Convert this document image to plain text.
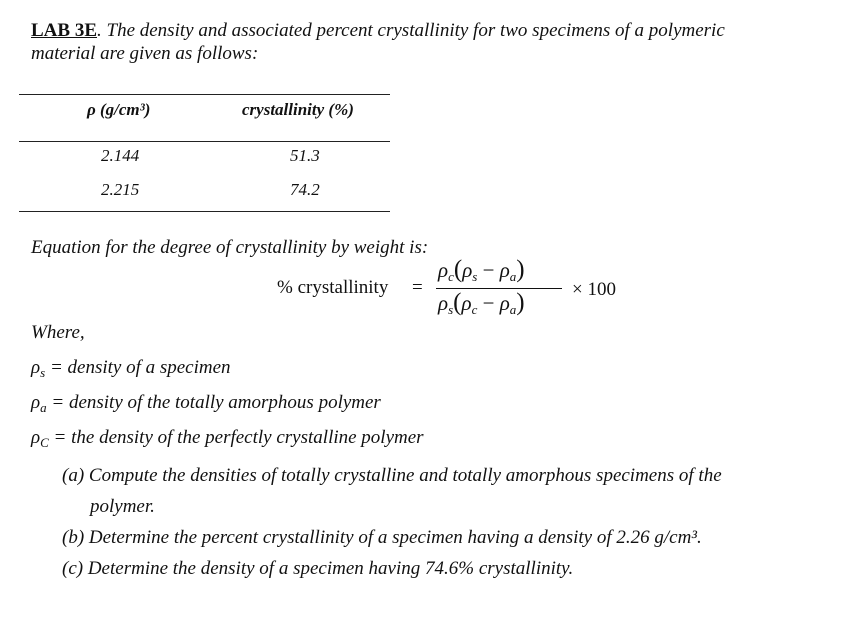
LAB 3E. The density and associated percent crystallinity for two specimens of a polymeric
material are given as follows:
ρ (g/cm³)	crystallinity (%)
2.144	51.3
2.215	74.2
Equation for the degree of crystallinity by weight is:
% crystallinity =
$\rho_c(\rho_s - \rho_a)$
$\rho_s(\rho_c - \rho_a) \times 100$
Where,
$\rho_s$ = density of a specimen
$\rho_a$ = density of the totally amorphous polymer
$\rho_C$ = the density of the perfectly crystalline polymer
(a) Compute the densities of totally crystalline and totally amorphous specimens of the
polymer.
(b) Determine the percent crystallinity of a specimen having a density of 2.26 g/cm³.
(c) Determine the density of a specimen having 74.6% crystallinity.
